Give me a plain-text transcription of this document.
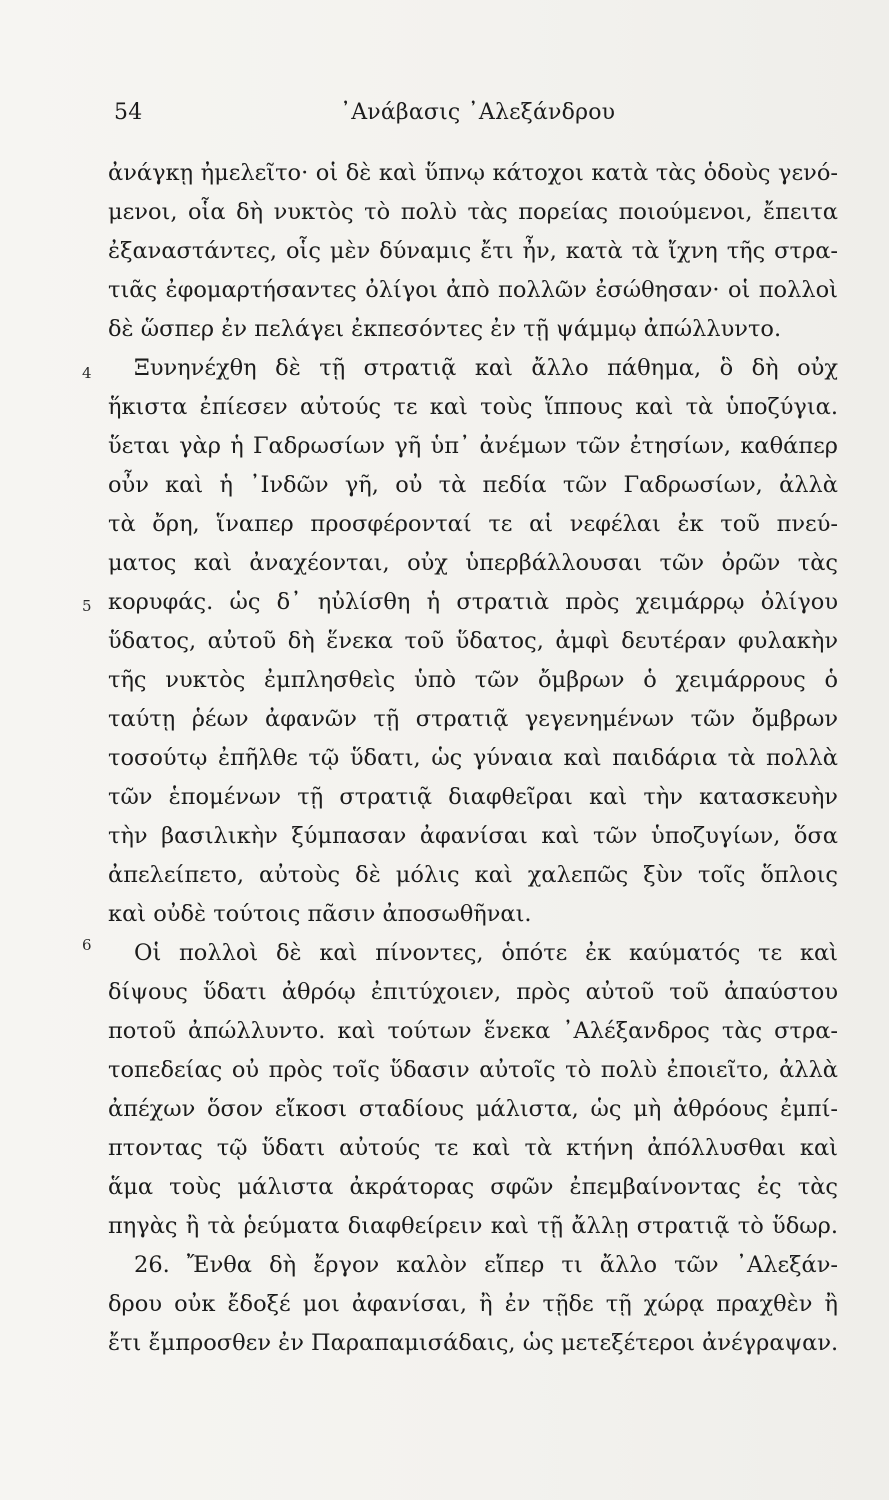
54	᾿Ανάβασις ᾿Αλεξάνδρου
4
5
6
ἀνάγκῃ ἠμελεῖτο· οἱ δὲ καὶ ὕπνῳ κάτοχοι κατὰ τὰς ὁδοὺς γενό-
μενοι, οἷα δὴ νυκτὸς τὸ πολὺ τὰς πορείας ποιούμενοι, ἔπειτα
ἐξαναστάντες, οἷς μὲν δύναμις ἔτι ἦν, κατὰ τὰ ἴχνη τῆς στρα-
τιᾶς ἐφομαρτήσαντες ὀλίγοι ἀπὸ πολλῶν ἐσώθησαν· οἱ πολλοὶ
δὲ ὥσπερ ἐν πελάγει ἐκπεσόντες ἐν τῇ ψάμμῳ ἀπώλλυντο.
Ξυνηνέχθη δὲ τῇ στρατιᾷ καὶ ἄλλο πάθημα, ὃ δὴ οὐχ
ἥκιστα ἐπίεσεν αὐτούς τε καὶ τοὺς ἵππους καὶ τὰ ὑποζύγια.
ὕεται γὰρ ἡ Γαδρωσίων γῆ ὑπ᾿ ἀνέμων τῶν ἐτησίων, καθάπερ
οὖν καὶ ἡ ᾿Ινδῶν γῆ, οὐ τὰ πεδία τῶν Γαδρωσίων, ἀλλὰ
τὰ ὄρη, ἵναπερ προσφέρονταί τε αἱ νεφέλαι ἐκ τοῦ πνεύ-
ματος καὶ ἀναχέονται, οὐχ ὑπερβάλλουσαι τῶν ὀρῶν τὰς
κορυφάς. ὡς δ᾿ ηὐλίσθη ἡ στρατιὰ πρὸς χειμάρρῳ ὀλίγου
ὕδατος, αὐτοῦ δὴ ἕνεκα τοῦ ὕδατος, ἀμφὶ δευτέραν φυλακὴν
τῆς νυκτὸς ἐμπλησθεὶς ὑπὸ τῶν ὄμβρων ὁ χειμάρρους ὁ
ταύτῃ ῥέων ἀφανῶν τῇ στρατιᾷ γεγενημένων τῶν ὄμβρων
τοσούτῳ ἐπῆλθε τῷ ὕδατι, ὡς γύναια καὶ παιδάρια τὰ πολλὰ
τῶν ἑπομένων τῇ στρατιᾷ διαφθεῖραι καὶ τὴν κατασκευὴν
τὴν βασιλικὴν ξύμπασαν ἀφανίσαι καὶ τῶν ὑποζυγίων, ὅσα
ἀπελείπετο, αὐτοὺς δὲ μόλις καὶ χαλεπῶς ξὺν τοῖς ὅπλοις
καὶ οὐδὲ τούτοις πᾶσιν ἀποσωθῆναι.
Οἱ πολλοὶ δὲ καὶ πίνοντες, ὁπότε ἐκ καύματός τε καὶ
δίψους ὕδατι ἀθρόῳ ἐπιτύχοιεν, πρὸς αὐτοῦ τοῦ ἀπαύστου
ποτοῦ ἀπώλλυντο. καὶ τούτων ἕνεκα ᾿Αλέξανδρος τὰς στρα-
τοπεδείας οὐ πρὸς τοῖς ὕδασιν αὐτοῖς τὸ πολὺ ἐποιεῖτο, ἀλλὰ
ἀπέχων ὅσον εἴκοσι σταδίους μάλιστα, ὡς μὴ ἀθρόους ἐμπί-
πτοντας τῷ ὕδατι αὐτούς τε καὶ τὰ κτήνη ἀπόλλυσθαι καὶ
ἅμα τοὺς μάλιστα ἀκράτορας σφῶν ἐπεμβαίνοντας ἐς τὰς
πηγὰς ἢ τὰ ῥεύματα διαφθείρειν καὶ τῇ ἄλλῃ στρατιᾷ τὸ ὕδωρ.
26. Ἔνθα δὴ ἔργον καλὸν εἴπερ τι ἄλλο τῶν ᾿Αλεξάν-
δρου οὐκ ἔδοξέ μοι ἀφανίσαι, ἢ ἐν τῇδε τῇ χώρᾳ πραχθὲν ἢ
ἔτι ἔμπροσθεν ἐν Παραπαμισάδαις, ὡς μετεξέτεροι ἀνέγραψαν.
